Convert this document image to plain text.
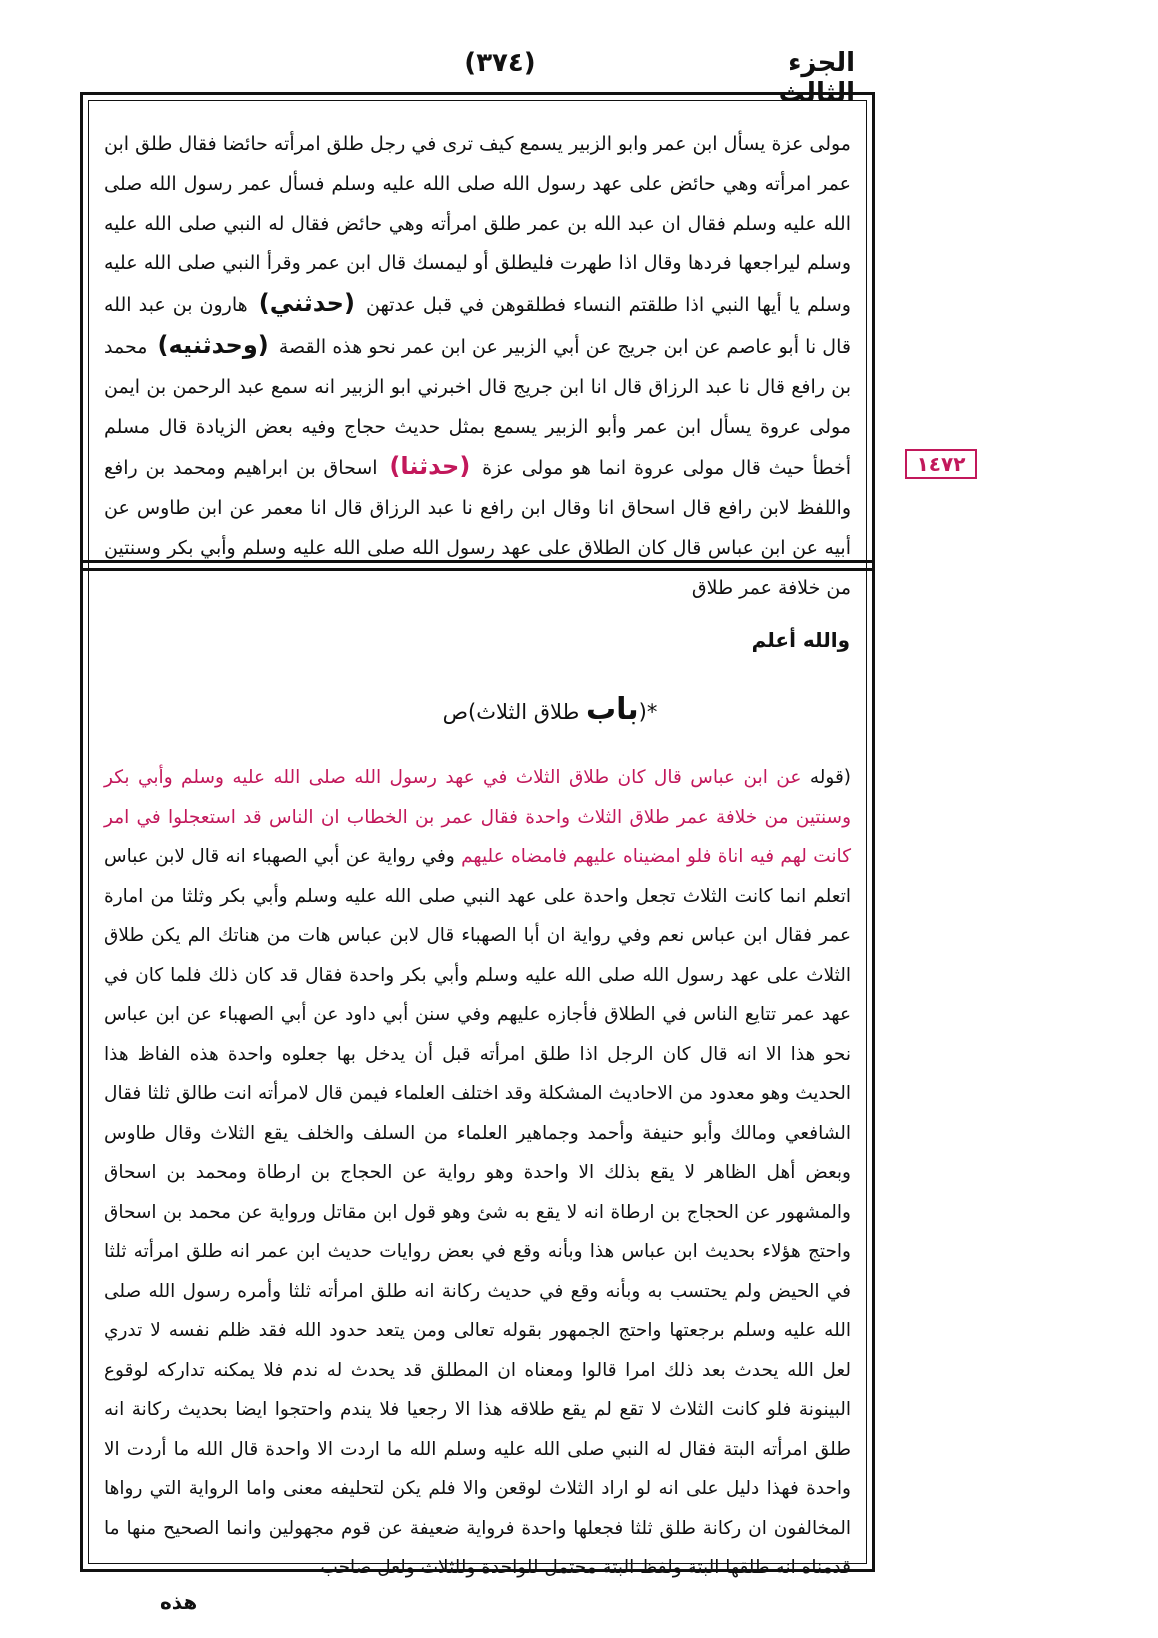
الجزء الثالث
(٣٧٤)
١٤٧٢

مولى عزة يسأل ابن عمر وابو الزبير يسمع كيف ترى في رجل طلق امرأته حائضا فقال طلق ابن عمر امرأته وهي حائض على عهد رسول الله صلى الله عليه وسلم فسأل عمر رسول الله صلى الله عليه وسلم فقال ان عبد الله بن عمر طلق امرأته وهي حائض فقال له النبي صلى الله عليه وسلم ليراجعها فردها وقال اذا طهرت فليطلق أو ليمسك قال ابن عمر وقرأ النبي صلى الله عليه وسلم يا أيها النبي اذا طلقتم النساء فطلقوهن في قبل عدتهن (حدثني) هارون بن عبد الله قال نا أبو عاصم عن ابن جريج عن أبي الزبير عن ابن عمر نحو هذه القصة (وحدثنيه) محمد بن رافع قال نا عبد الرزاق قال انا ابن جريج قال اخبرني ابو الزبير انه سمع عبد الرحمن بن ايمن مولى عروة يسأل ابن عمر وأبو الزبير يسمع بمثل حديث حجاج وفيه بعض الزيادة قال مسلم أخطأ حيث قال مولى عروة انما هو مولى عزة (حدثنا) اسحاق بن ابراهيم ومحمد بن رافع واللفظ لابن رافع قال اسحاق انا وقال ابن رافع نا عبد الرزاق قال انا معمر عن ابن طاوس عن أبيه عن ابن عباس قال كان الطلاق على عهد رسول الله صلى الله عليه وسلم وأبي بكر وسنتين من خلافة عمر طلاق

والله أعلم
*(باب طلاق الثلاث)ص

(قوله عن ابن عباس قال كان طلاق الثلاث في عهد رسول الله صلى الله عليه وسلم وأبي بكر وسنتين من خلافة عمر طلاق الثلاث واحدة فقال عمر بن الخطاب ان الناس قد استعجلوا في امر كانت لهم فيه اناة فلو امضيناه عليهم فامضاه عليهم وفي رواية عن أبي الصهباء انه قال لابن عباس اتعلم انما كانت الثلاث تجعل واحدة على عهد النبي صلى الله عليه وسلم وأبي بكر وثلثا من امارة عمر فقال ابن عباس نعم وفي رواية ان أبا الصهباء قال لابن عباس هات من هناتك الم يكن طلاق الثلاث على عهد رسول الله صلى الله عليه وسلم وأبي بكر واحدة فقال قد كان ذلك فلما كان في عهد عمر تتايع الناس في الطلاق فأجازه عليهم وفي سنن أبي داود عن أبي الصهباء عن ابن عباس نحو هذا الا انه قال كان الرجل اذا طلق امرأته قبل أن يدخل بها جعلوه واحدة هذه الفاظ هذا الحديث وهو معدود من الاحاديث المشكلة وقد اختلف العلماء فيمن قال لامرأته انت طالق ثلثا فقال الشافعي ومالك وأبو حنيفة وأحمد وجماهير العلماء من السلف والخلف يقع الثلاث وقال طاوس وبعض أهل الظاهر لا يقع بذلك الا واحدة وهو رواية عن الحجاج بن ارطاة ومحمد بن اسحاق والمشهور عن الحجاج بن ارطاة انه لا يقع به شئ وهو قول ابن مقاتل ورواية عن محمد بن اسحاق واحتج هؤلاء بحديث ابن عباس هذا وبأنه وقع في بعض روايات حديث ابن عمر انه طلق امرأته ثلثا في الحيض ولم يحتسب به وبأنه وقع في حديث ركانة انه طلق امرأته ثلثا وأمره رسول الله صلى الله عليه وسلم برجعتها واحتج الجمهور بقوله تعالى ومن يتعد حدود الله فقد ظلم نفسه لا تدري لعل الله يحدث بعد ذلك امرا قالوا ومعناه ان المطلق قد يحدث له ندم فلا يمكنه تداركه لوقوع البينونة فلو كانت الثلاث لا تقع لم يقع طلاقه هذا الا رجعيا فلا يندم واحتجوا ايضا بحديث ركانة انه طلق امرأته البتة فقال له النبي صلى الله عليه وسلم الله ما اردت الا واحدة قال الله ما أردت الا واحدة فهذا دليل على انه لو اراد الثلاث لوقعن والا فلم يكن لتحليفه معنى واما الرواية التي رواها المخالفون ان ركانة طلق ثلثا فجعلها واحدة فرواية ضعيفة عن قوم مجهولين وانما الصحيح منها ما قدمناه انه طلقها البتة ولفظ البتة محتمل للواحدة وللثلاث ولعل صاحب

هذه
